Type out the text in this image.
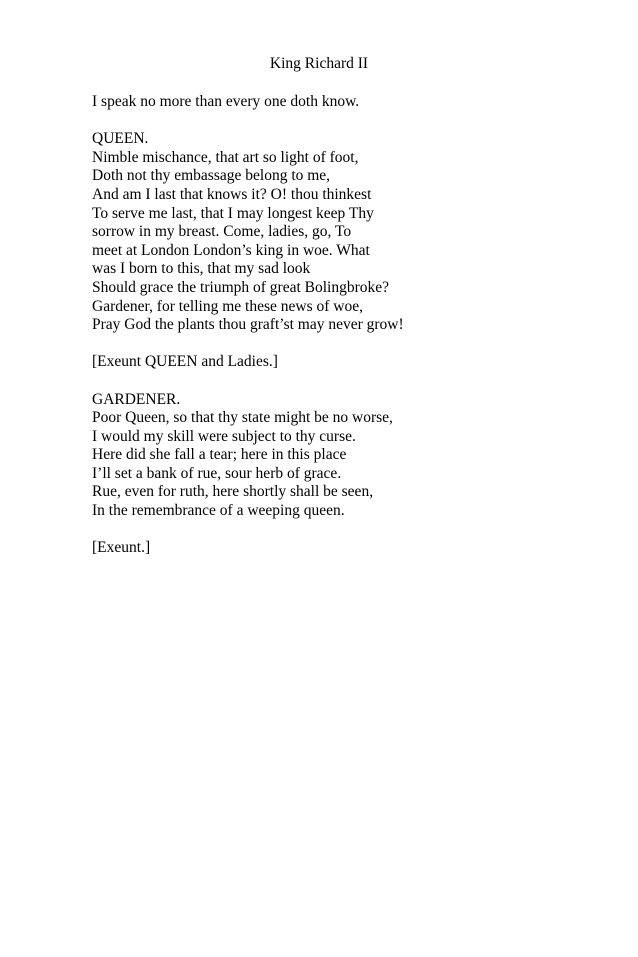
King Richard II

I speak no more than every one doth know.
QUEEN.
Nimble mischance, that art so light of foot,
Doth not thy embassage belong to me,
And am I last that knows it? O! thou thinkest
To serve me last, that I may longest keep Thy
sorrow in my breast. Come, ladies, go, To
meet at London London’s king in woe. What
was I born to this, that my sad look
Should grace the triumph of great Bolingbroke?
Gardener, for telling me these news of woe,
Pray God the plants thou graft’st may never grow!
[Exeunt QUEEN and Ladies.]
GARDENER.
Poor Queen, so that thy state might be no worse,
I would my skill were subject to thy curse.
Here did she fall a tear; here in this place
I’ll set a bank of rue, sour herb of grace.
Rue, even for ruth, here shortly shall be seen,
In the remembrance of a weeping queen.
[Exeunt.]
